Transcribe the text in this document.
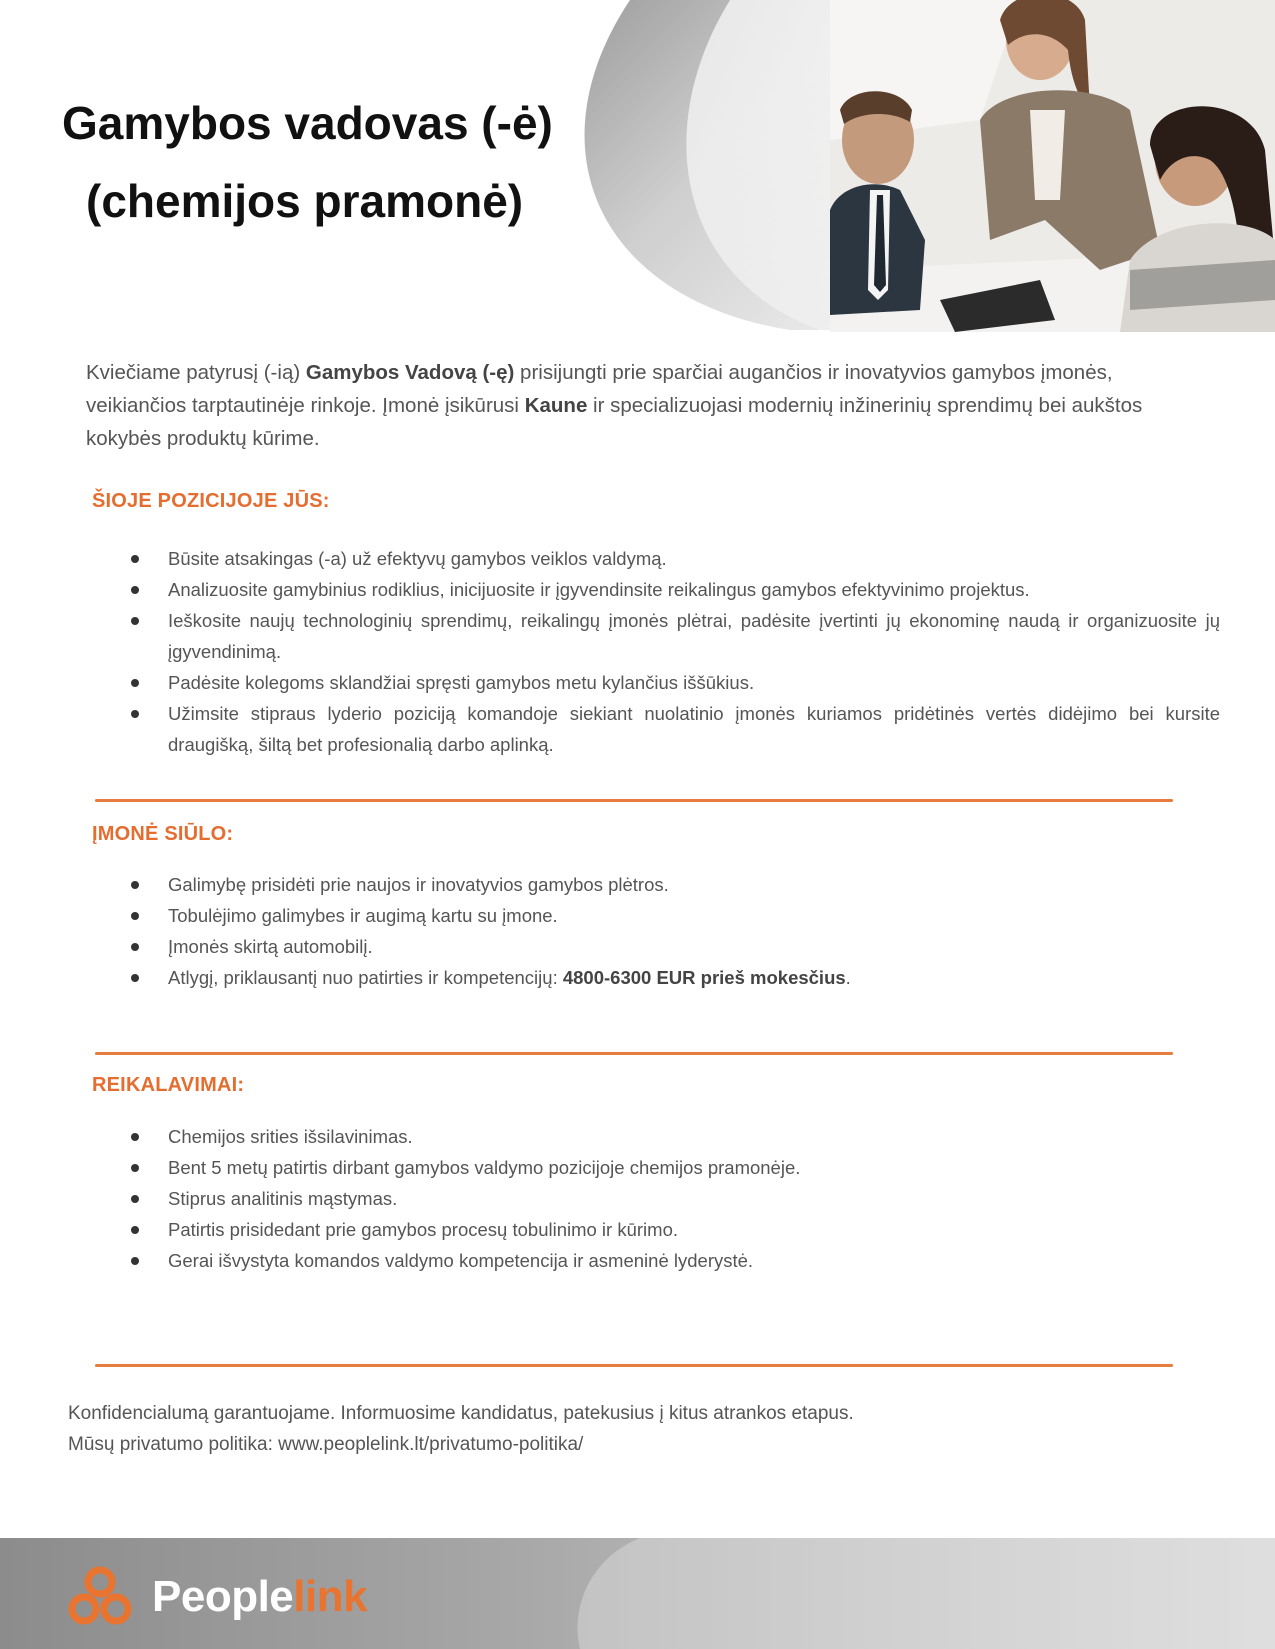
Gamybos vadovas (-ė)
(chemijos pramonė)

Kviečiame patyrusį (-ią) Gamybos Vadovą (-ę) prisijungti prie sparčiai augančios ir inovatyvios gamybos įmonės, veikiančios tarptautinėje rinkoje. Įmonė įsikūrusi Kaune ir specializuojasi modernių inžinerinių sprendimų bei aukštos kokybės produktų kūrime.

ŠIOJE POZICIJOJE JŪS:
Būsite atsakingas (-a) už efektyvų gamybos veiklos valdymą.
Analizuosite gamybinius rodiklius, inicijuosite ir įgyvendinsite reikalingus gamybos efektyvinimo projektus.
Ieškosite naujų technologinių sprendimų, reikalingų įmonės plėtrai, padėsite įvertinti jų ekonominę naudą ir organizuosite jų įgyvendinimą.
Padėsite kolegoms sklandžiai spręsti gamybos metu kylančius iššūkius.
Užimsite stipraus lyderio poziciją komandoje siekiant nuolatinio įmonės kuriamos pridėtinės vertės didėjimo bei kursite draugišką, šiltą bet profesionalią darbo aplinką.
ĮMONĖ SIŪLO:
Galimybę prisidėti prie naujos ir inovatyvios gamybos plėtros.
Tobulėjimo galimybes ir augimą kartu su įmone.
Įmonės skirtą automobilį.
Atlygį, priklausantį nuo patirties ir kompetencijų: 4800-6300 EUR prieš mokesčius.
REIKALAVIMAI:
Chemijos srities išsilavinimas.
Bent 5 metų patirtis dirbant gamybos valdymo pozicijoje chemijos pramonėje.
Stiprus analitinis mąstymas.
Patirtis prisidedant prie gamybos procesų tobulinimo ir kūrimo.
Gerai išvystyta komandos valdymo kompetencija ir asmeninė lyderystė.

Konfidencialumą garantuojame. Informuosime kandidatus, patekusius į kitus atrankos etapus.
Mūsų privatumo politika: www.peoplelink.lt/privatumo-politika/

Peoplelink
